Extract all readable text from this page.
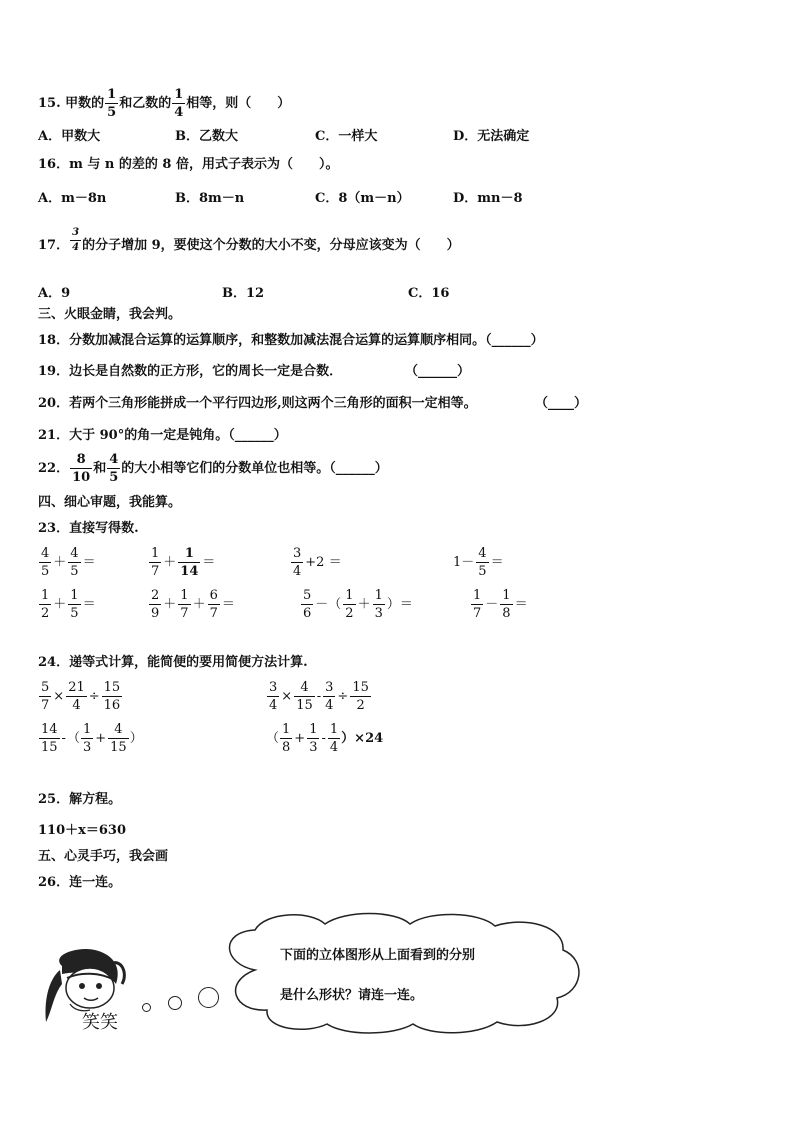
15. 甲数的 $\frac{1}{5}$ 和乙数的 $\frac{1}{4}$ 相等，则（　　）
A．甲数大	B．乙数大	C．一样大	D．无法确定
16．m 与 n 的差的 8 倍，用式子表示为（　　）。
A．m－8n	B．8m－n	C．8（m－n）	D．mn－8
17． $\frac{3}{4}$ 的分子增加 9，要使这个分数的大小不变，分母应该变为（　　）
A．9	B．12	C．16
三、火眼金睛，我会判。
18．分数加减混合运算的运算顺序，和整数加减法混合运算的运算顺序相同。（______）
19．边长是自然数的正方形，它的周长一定是合数．	（______）
20．若两个三角形能拼成一个平行四边形,则这两个三角形的面积一定相等。	（____）
21．大于 90°的角一定是钝角。（______）
22． $\frac{8}{10}$ 和 $\frac{4}{5}$ 的大小相等它们的分数单位也相等。（______）
四、细心审题，我能算。
23．直接写得数.
$\frac{4}{5} + \frac{4}{5}$ ＝	$\frac{1}{7} + \frac{1}{14}$ ＝	$\frac{3}{4} +2$ ＝	$1- \frac{4}{5}$ ＝
$\frac{1}{2} + \frac{1}{5}$ ＝	$\frac{2}{9} + \frac{1}{7} + \frac{6}{7}$ ＝	$\frac{5}{6}$ －（ $\frac{1}{2} + \frac{1}{3}$ ）＝	$\frac{1}{7} - \frac{1}{8}$ ＝
24．递等式计算，能简便的要用简便方法计算.
$\frac{5}{7} \times \frac{21}{4} \div \frac{15}{16}$	$\frac{3}{4} \times \frac{4}{15} - \frac{3}{4} \div \frac{15}{2}$
$\frac{14}{15}$ -（ $\frac{1}{3} + \frac{4}{15}$ ）	（ $\frac{1}{8} + \frac{1}{3} - \frac{1}{4} )\times 24$
25．解方程。
110＋x＝630
五、心灵手巧，我会画
26．连一连。
笑笑
下面的立体图形从上面看到的分别
是什么形状？请连一连。
